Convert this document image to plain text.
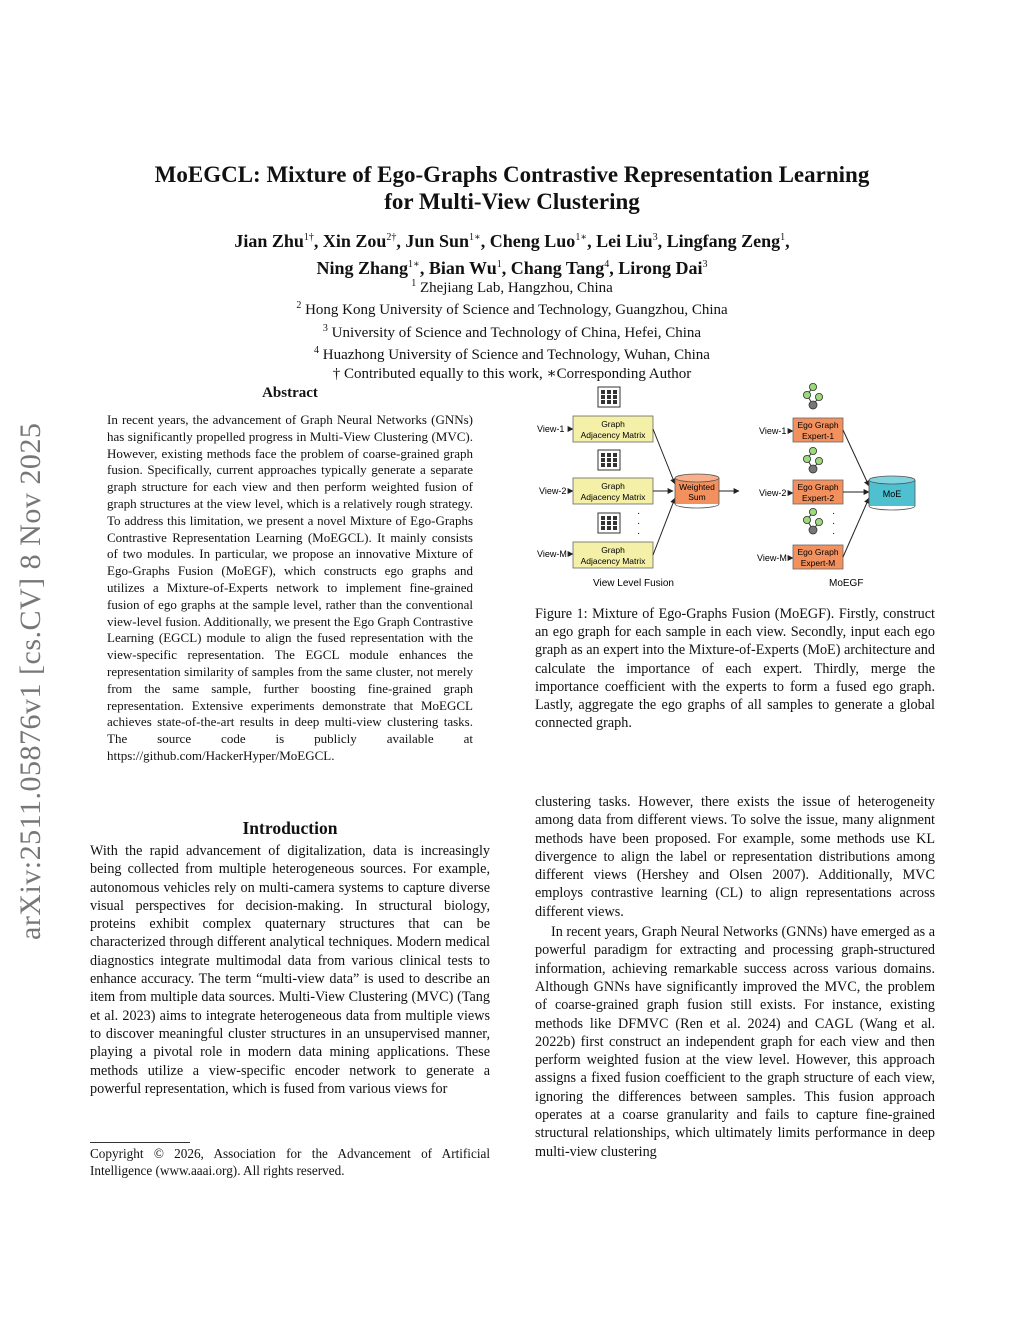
arXiv:2511.05876v1 [cs.CV] 8 Nov 2025
MoEGCL: Mixture of Ego-Graphs Contrastive Representation Learning
for Multi-View Clustering
Jian Zhu$^{1\dagger}$, Xin Zou$^{2\dagger}$, Jun Sun$^{1∗}$, Cheng Luo$^{1∗}$, Lei Liu$^3$, Lingfang Zeng$^1$,
Ning Zhang$^{1∗}$, Bian Wu$^1$, Chang Tang$^4$, Lirong Dai$^3$
$^1$ Zhejiang Lab, Hangzhou, China
$^2$ Hong Kong University of Science and Technology, Guangzhou, China
$^3$ University of Science and Technology of China, Hefei, China
$^4$ Huazhong University of Science and Technology, Wuhan, China
† Contributed equally to this work, ∗Corresponding Author
Abstract
In recent years, the advancement of Graph Neural Networks (GNNs) has significantly propelled progress in Multi-View Clustering (MVC). However, existing methods face the problem of coarse-grained graph fusion. Specifically, current approaches typically generate a separate graph structure for each view and then perform weighted fusion of graph structures at the view level, which is a relatively rough strategy. To address this limitation, we present a novel Mixture of Ego-Graphs Contrastive Representation Learning (MoEGCL). It mainly consists of two modules. In particular, we propose an innovative Mixture of Ego-Graphs Fusion (MoEGF), which constructs ego graphs and utilizes a Mixture-of-Experts network to implement fine-grained fusion of ego graphs at the sample level, rather than the conventional view-level fusion. Additionally, we present the Ego Graph Contrastive Learning (EGCL) module to align the fused representation with the view-specific representation. The EGCL module enhances the representation similarity of samples from the same cluster, not merely from the same sample, further boosting fine-grained graph representation. Extensive experiments demonstrate that MoEGCL achieves state-of-the-art results in deep multi-view clustering tasks. The source code is publicly available at https://github.com/HackerHyper/MoEGCL.
Introduction
With the rapid advancement of digitalization, data is increasingly being collected from multiple heterogeneous sources. For example, autonomous vehicles rely on multi-camera systems to capture diverse visual perspectives for decision-making. In structural biology, proteins exhibit complex quaternary structures that can be characterized through different analytical techniques. Modern medical diagnostics integrate multimodal data from various clinical tests to enhance accuracy. The term “multi-view data” is used to describe an item from multiple data sources. Multi-View Clustering (MVC) (Tang et al. 2023) aims to integrate heterogeneous data from multiple views to discover meaningful cluster structures in an unsupervised manner, playing a pivotal role in modern data mining applications. These methods utilize a view-specific encoder network to generate a powerful representation, which is fused from various views for
Copyright © 2026, Association for the Advancement of Artificial Intelligence (www.aaai.org). All rights reserved.
View-1
View-2
View-M
Graph
Adjacency Matrix
Graph
Adjacency Matrix
Graph
Adjacency Matrix
·
·
·
Weighted
Sum
View Level Fusion
View-1
View-2
View-M
Ego Graph
Expert-1
Ego Graph
Expert-2
Ego Graph
Expert-M
·
·
·
MoE
MoEGF
Figure 1: Mixture of Ego-Graphs Fusion (MoEGF). Firstly, construct an ego graph for each sample in each view. Secondly, input each ego graph as an expert into the Mixture-of-Experts (MoE) architecture and calculate the importance of each expert. Thirdly, merge the importance coefficient with the experts to form a fused ego graph. Lastly, aggregate the ego graphs of all samples to generate a global connected graph.

clustering tasks. However, there exists the issue of heterogeneity among data from different views. To solve the issue, many alignment methods have been proposed. For example, some methods use KL divergence to align the label or representation distributions among different views (Hershey and Olsen 2007). Additionally, MVC employs contrastive learning (CL) to align representations across different views.

In recent years, Graph Neural Networks (GNNs) have emerged as a powerful paradigm for extracting and processing graph-structured information, achieving remarkable success across various domains. Although GNNs have significantly improved the MVC, the problem of coarse-grained graph fusion still exists. For instance, existing methods like DFMVC (Ren et al. 2024) and CAGL (Wang et al. 2022b) first construct an independent graph for each view and then perform weighted fusion at the view level. However, this approach assigns a fixed fusion coefficient to the graph structure of each view, ignoring the differences between samples. This fusion approach operates at a coarse granularity and fails to capture fine-grained structural relationships, which ultimately limits performance in deep multi-view clustering
